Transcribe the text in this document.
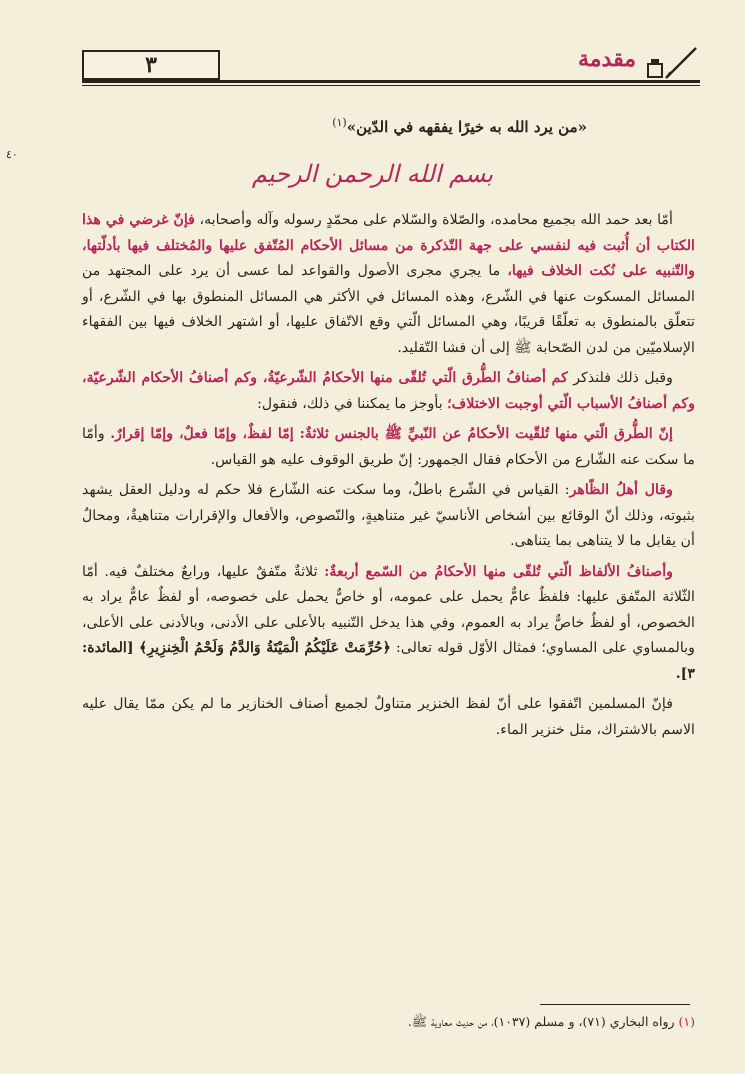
٣	مقدمة
٤٠
«من يرد الله به خيرًا يفقهه في الدّين»$^{(١)}$
بسم الله الرحمن الرحيم

أمّا بعد حمد الله بجميع محامده، والصّلاة والسّلام على محمّدٍ رسوله وآله وأصحابه، فإنّ غرضي في هذا الكتاب أن أُثبت فيه لنفسي على جهة التّذكرة من مسائل الأحكام المُتّفق عليها والمُختلف فيها بأدلّتها، والتّنبيه على نُكت الخلاف فيها، ما يجري مجرى الأصول والقواعد لما عسى أن يرد على المجتهد من المسائل المسكوت عنها في الشّرع، وهذه المسائل في الأكثر هي المسائل المنطوق بها في الشّرع، أو تتعلّق بالمنطوق به تعلّقًا قريبًا، وهي المسائل الّتي وقع الاتّفاق عليها، أو اشتهر الخلاف فيها بين الفقهاء الإسلاميّين من لدن الصّحابة ﷺ إلى أن فشا التّقليد.

وقبل ذلك فلنذكر كم أصنافُ الطُّرق الّتي تُلقّى منها الأحكامُ الشّرعيّةُ، وكم أصنافُ الأحكام الشّرعيّة، وكم أصنافُ الأسباب الّتي أوجبت الاختلاف؛ بأوجز ما يمكننا في ذلك، فنقول:

إنّ الطُّرق الّتي منها تُلقّيت الأحكامُ عن النّبيِّ ﷺ بالجنس ثلاثةٌ: إمّا لفظٌ، وإمّا فعلٌ، وإمّا إقرارٌ. وأمّا ما سكت عنه الشّارع من الأحكام فقال الجمهور: إنّ طريق الوقوف عليه هو القياس.

وقال أهلُ الظّاهر: القياس في الشّرع باطلٌ، وما سكت عنه الشّارع فلا حكم له ودليل العقل يشهد بثبوته، وذلك أنّ الوقائع بين أشخاص الأناسيّ غير متناهيةٍ، والنّصوص، والأفعال والإقرارات متناهيةٌ، ومحالٌ أن يقابل ما لا يتناهى بما يتناهى.

وأصنافُ الألفاظ الّتي تُلقّى منها الأحكامُ من السّمع أربعةٌ: ثلاثةٌ متّفقٌ عليها، ورابعٌ مختلفٌ فيه. أمّا الثّلاثة المتّفق عليها: فلفظٌ عامٌّ يحمل على عمومه، أو خاصٌّ يحمل على خصوصه، أو لفظٌ عامٌّ يراد به الخصوص، أو لفظٌ خاصٌّ يراد به العموم، وفي هذا يدخل التّنبيه بالأعلى على الأدنى، وبالأدنى على الأعلى، وبالمساوي على المساوي؛ فمثال الأوّل قوله تعالى: ﴿حُرِّمَتْ عَلَيْكُمُ الْمَيْتَةُ وَالدَّمُ وَلَحْمُ الْخِنزِيرِ﴾ [المائدة: ٣].

فإنّ المسلمين اتّفقوا على أنّ لفظ الخنزير متناولٌ لجميع أصناف الخنازير ما لم يكن ممّا يقال عليه الاسم بالاشتراك، مثل خنزير الماء.

(١) رواه البخاري (٧١)، و مسلم (١٠٣٧)، من حديث معاوية ﷺ.
